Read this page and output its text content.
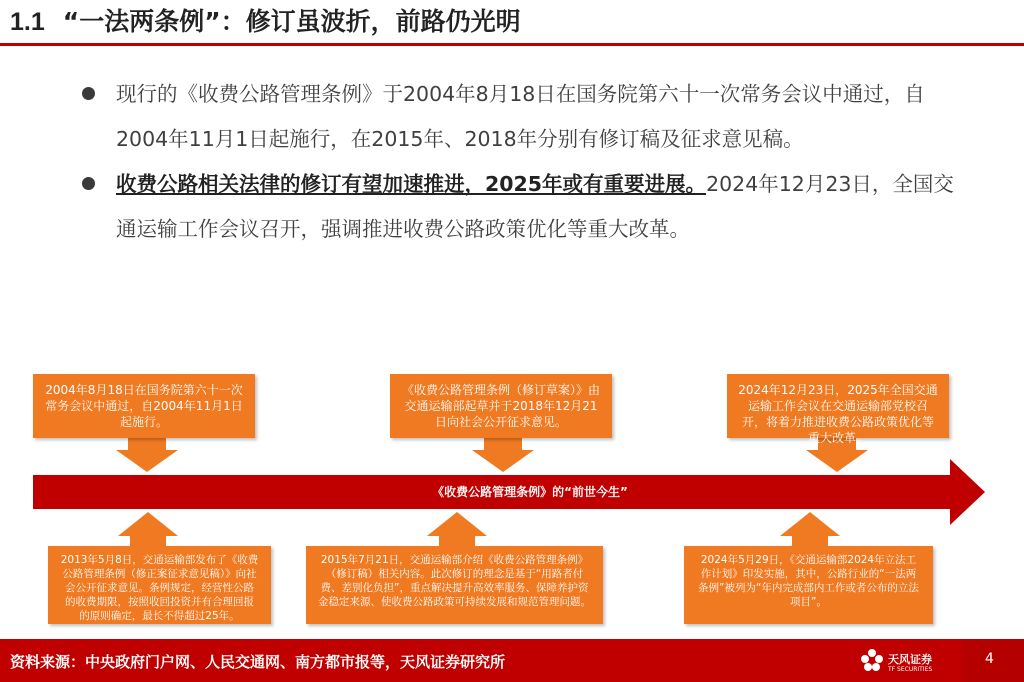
1.1 “一法两条例”：修订虽波折，前路仍光明
现行的《收费公路管理条例》于2004年8月18日在国务院第六十一次常务会议中通过，自2004年11月1日起施行，在2015年、2018年分别有修订稿及征求意见稿。
收费公路相关法律的修订有望加速推进，2025年或有重要进展。2024年12月23日，全国交通运输工作会议召开，强调推进收费公路政策优化等重大改革。
《收费公路管理条例》的“前世今生”
2004年8月18日在国务院第六十一次常务会议中通过，自2004年11月1日起施行。
《收费公路管理条例（修订草案）》由交通运输部起草并于2018年12月21日向社会公开征求意见。
2024年12月23日，2025年全国交通运输工作会议在交通运输部党校召开，将着力推进收费公路政策优化等重大改革。
2013年5月8日，交通运输部发布了《收费公路管理条例（修正案征求意见稿）》向社会公开征求意见。条例规定，经营性公路的收费期限，按照收回投资并有合理回报的原则确定，最长不得超过25年。
2015年7月21日，交通运输部介绍《收费公路管理条例》（修订稿）相关内容。此次修订的理念是基于“用路者付费、差别化负担”，重点解决提升高效率服务、保障养护资金稳定来源、使收费公路政策可持续发展和规范管理问题。
2024年5月29日，《交通运输部2024年立法工作计划》印发实施，其中，公路行业的“一法两条例”被列为“年内完成部内工作或者公布的立法项目”。
资料来源：中央政府门户网、人民交通网、南方都市报等，天风证券研究所	天风证券
TF SECURITIES
4
